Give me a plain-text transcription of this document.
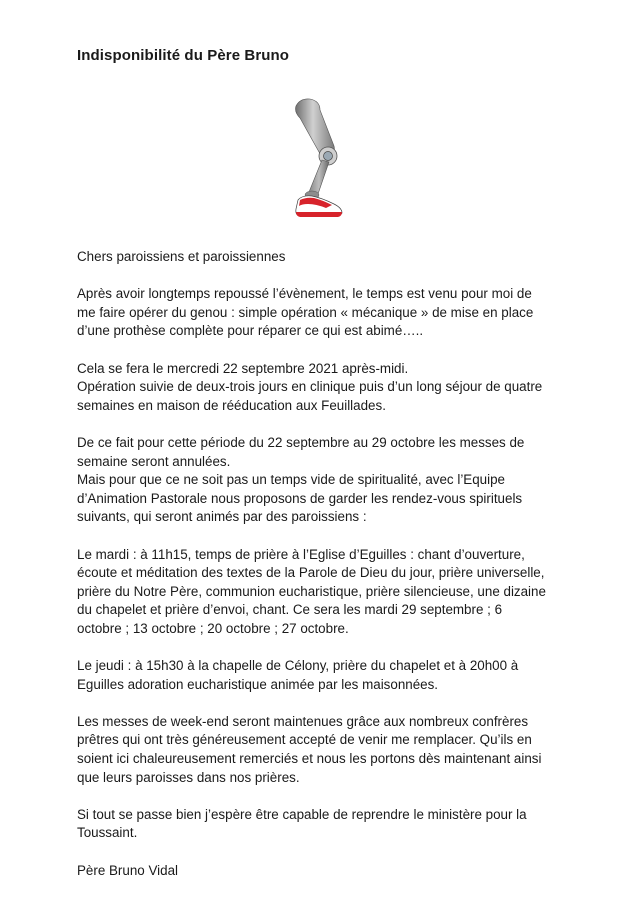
Indisponibilité du Père Bruno

Chers paroissiens et paroissiennes

Après avoir longtemps repoussé l’évènement, le temps est venu pour moi de
me faire opérer du genou : simple opération « mécanique » de mise en place
d’une prothèse complète pour réparer ce qui est abimé…..

Cela se fera le mercredi 22 septembre 2021 après-midi.
Opération suivie de deux-trois jours en clinique puis d’un long séjour de quatre
semaines en maison de rééducation aux Feuillades.

De ce fait pour cette période du 22 septembre au 29 octobre les messes de
semaine seront annulées.
Mais pour que ce ne soit pas un temps vide de spiritualité, avec l’Equipe
d’Animation Pastorale nous proposons de garder les rendez-vous spirituels
suivants, qui seront animés par des paroissiens :

Le mardi : à 11h15, temps de prière à l’Eglise d’Eguilles : chant d’ouverture,
écoute et méditation des textes de la Parole de Dieu du jour, prière universelle,
prière du Notre Père, communion eucharistique, prière silencieuse, une dizaine
du chapelet et prière d’envoi, chant. Ce sera les mardi 29 septembre ; 6
octobre ; 13 octobre ; 20 octobre ; 27 octobre.

Le jeudi : à 15h30 à la chapelle de Célony, prière du chapelet et à 20h00 à
Eguilles adoration eucharistique animée par les maisonnées.

Les messes de week-end seront maintenues grâce aux nombreux confrères
prêtres qui ont très généreusement accepté de venir me remplacer. Qu’ils en
soient ici chaleureusement remerciés et nous les portons dès maintenant ainsi
que leurs paroisses dans nos prières.

Si tout se passe bien j’espère être capable de reprendre le ministère pour la
Toussaint.

Père Bruno Vidal
